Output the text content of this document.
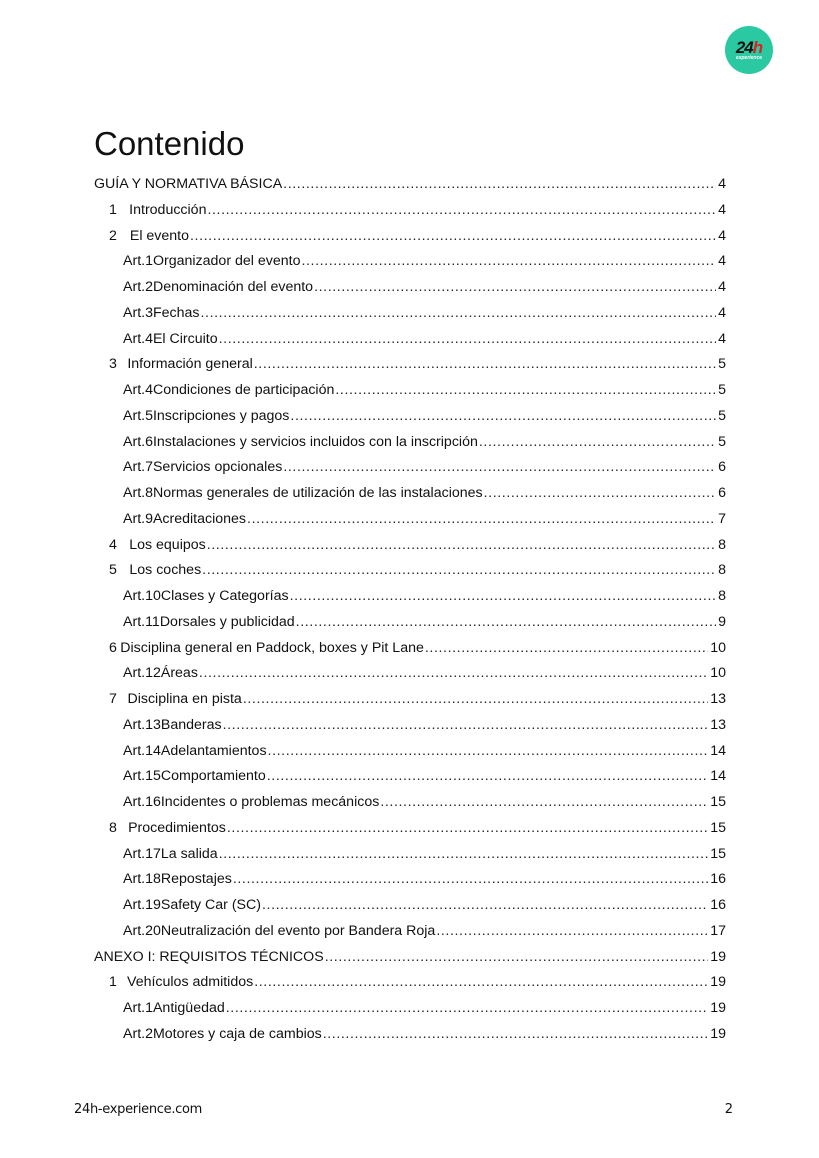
24h
experience
Contenido
GUÍA Y NORMATIVA BÁSICA .....	4
1 Introducción .....	4
2 El evento .....	4
Art.1 Organizador del evento .....	4
Art.2 Denominación del evento .....	4
Art.3 Fechas .....	4
Art.4 El Circuito .....	4
3 Información general .....	5
Art.4 Condiciones de participación .....	5
Art.5 Inscripciones y pagos .....	5
Art.6 Instalaciones y servicios incluidos con la inscripción .....	5
Art.7 Servicios opcionales .....	6
Art.8 Normas generales de utilización de las instalaciones .....	6
Art.9 Acreditaciones .....	7
4 Los equipos .....	8
5 Los coches .....	8
Art.10 Clases y Categorías .....	8
Art.11 Dorsales y publicidad .....	9
6 Disciplina general en Paddock, boxes y Pit Lane .....	10
Art.12 Áreas .....	10
7 Disciplina en pista .....	13
Art.13 Banderas .....	13
Art.14 Adelantamientos .....	14
Art.15 Comportamiento .....	14
Art.16 Incidentes o problemas mecánicos .....	15
8 Procedimientos .....	15
Art.17 La salida .....	15
Art.18 Repostajes .....	16
Art.19 Safety Car (SC) .....	16
Art.20 Neutralización del evento por Bandera Roja .....	17
ANEXO I: REQUISITOS TÉCNICOS .....	19
1 Vehículos admitidos .....	19
Art.1 Antigüedad .....	19
Art.2 Motores y caja de cambios .....	19
24h-experience.com	2
